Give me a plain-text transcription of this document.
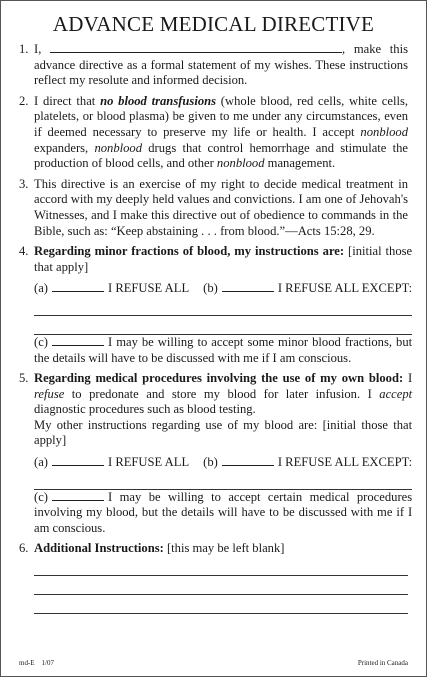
ADVANCE MEDICAL DIRECTIVE
1. I,	, make this advance directive as a formal statement of my wishes. These instructions reflect my resolute and informed decision.
2. I direct that no blood transfusions (whole blood, red cells, white cells, platelets, or blood plasma) be given to me under any circumstances, even if deemed necessary to preserve my life or health. I accept nonblood expanders, nonblood drugs that control hemorrhage and stimulate the production of blood cells, and other nonblood management.
3. This directive is an exercise of my right to decide medical treatment in accord with my deeply held values and convictions. I am one of Jehovah's Witnesses, and I make this directive out of obedience to commands in the Bible, such as: “Keep abstaining . . . from blood.”—Acts 15:28, 29.
4. Regarding minor fractions of blood, my instructions are: [initial those that apply]

(a)	I REFUSE ALL (b)	I REFUSE ALL EXCEPT:

(c)	I may be willing to accept some minor blood fractions, but the details will have to be discussed with me if I am conscious.

5. Regarding medical procedures involving the use of my own blood: I refuse to predonate and store my blood for later infusion. I accept diagnostic procedures such as blood testing.

My other instructions regarding use of my blood are: [initial those that apply]

(a)	I REFUSE ALL (b)	I REFUSE ALL EXCEPT:

(c)	I may be willing to accept certain medical procedures involving my blood, but the details will have to be discussed with me if I am conscious.

6. Additional Instructions: [this may be left blank]

md-E    1/07	Printed in Canada
